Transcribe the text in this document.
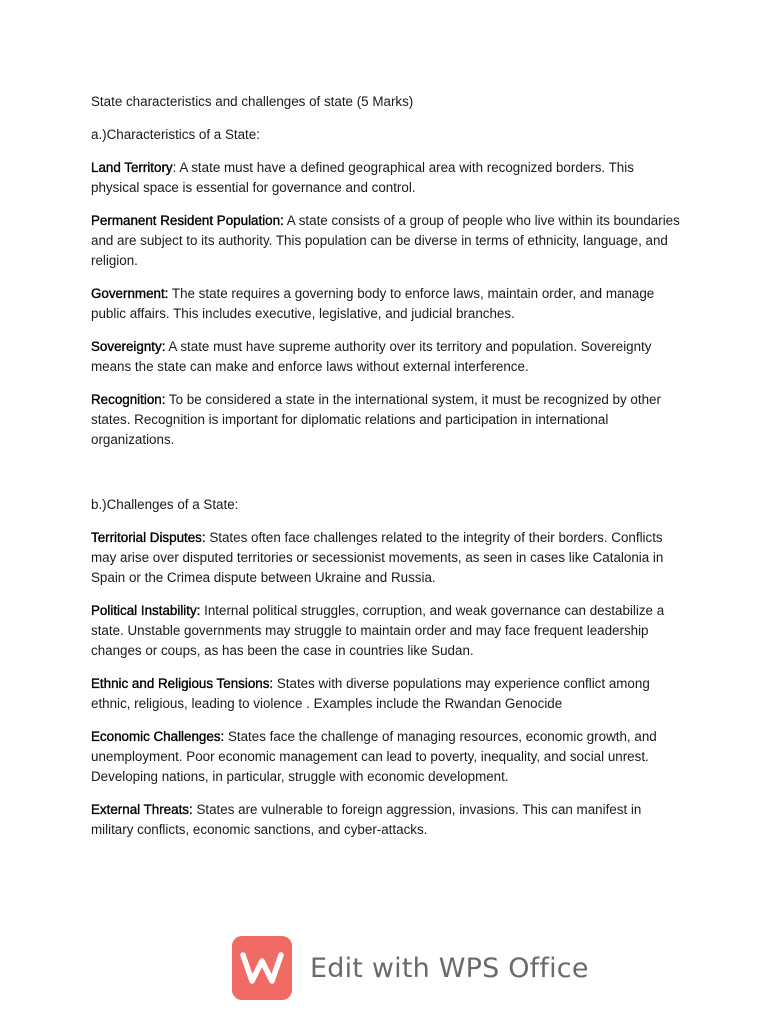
State characteristics and challenges of state (5 Marks)

a.)Characteristics of a State:

Land Territory: A state must have a defined geographical area with recognized borders. This physical space is essential for governance and control.

Permanent Resident Population: A state consists of a group of people who live within its boundaries and are subject to its authority. This population can be diverse in terms of ethnicity, language, and religion.

Government: The state requires a governing body to enforce laws, maintain order, and manage public affairs. This includes executive, legislative, and judicial branches.

Sovereignty: A state must have supreme authority over its territory and population. Sovereignty means the state can make and enforce laws without external interference.

Recognition: To be considered a state in the international system, it must be recognized by other states. Recognition is important for diplomatic relations and participation in international organizations.

b.)Challenges of a State:

Territorial Disputes: States often face challenges related to the integrity of their borders. Conflicts may arise over disputed territories or secessionist movements, as seen in cases like Catalonia in Spain or the Crimea dispute between Ukraine and Russia.

Political Instability: Internal political struggles, corruption, and weak governance can destabilize a state. Unstable governments may struggle to maintain order and may face frequent leadership changes or coups, as has been the case in countries like Sudan.

Ethnic and Religious Tensions: States with diverse populations may experience conflict among ethnic, religious, leading to violence . Examples include the Rwandan Genocide

Economic Challenges: States face the challenge of managing resources, economic growth, and unemployment. Poor economic management can lead to poverty, inequality, and social unrest. Developing nations, in particular, struggle with economic development.

External Threats: States are vulnerable to foreign aggression, invasions. This can manifest in military conflicts, economic sanctions, and cyber-attacks.

Edit with WPS Office
